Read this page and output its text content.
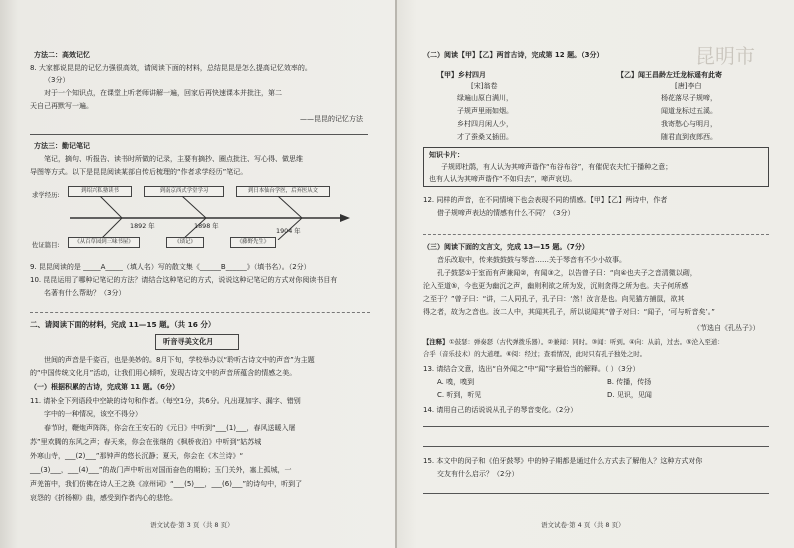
方法二：高效记忆
8. 大家都说昆昆的记忆力强很高效，请阅读下面的材料，总结昆昆是怎么提高记忆效率的。
（3分）
对于一个知识点，在课堂上听老师讲解一遍，回家后再快速课本并批注，第二
天自己再默写一遍。
——昆昆的记忆方法
方法三：勤记笔记
笔记，摘句、听报告、读书时所做的记录，主要有摘抄、圈点批注、写心得、做思维
导图等方式。以下是昆昆阅读某部自传后梳理的“作者求学经历”笔记。
求学经历:	到绍兴私塾读书	到南京西式学堂学习	到日本仙台学医，后弃医从文
1892 年	1898 年
1904 年
佐证篇目:	《从百草园到三味书屋》	《琐记》	《藤野先生》
9. 昆昆阅读的是 _____A_____（填人名）写的散文集《______B______》（填书名）。（2分）
10. 昆昆运用了哪种记笔记的方法？请结合这种笔记的方式，说说这种记笔记的方式对你阅读书目有
名著有什么帮助？（3分）
二、请阅读下面的材料，完成 11—15 题。（共 16 分）
听音寻美文化月
世间的声音是千姿百，也是美妙的。8月下旬，学校举办以“聆听古诗文中的声音”为主题
的“中国传统文化月”活动，让我们用心倾听，发现古诗文中的声音所蕴含的情感之美。
（一）根据积累的古诗，完成第 11 题。（6分）
11. 请补全下列语段中空缺的诗句和作者。（每空1分，共6分。凡出现加字、漏字、错别
字中的一种情况，该空不得分）
春节时，鞭炮声阵阵，你会在王安石的《元日》中听到“___(1)___，春风送暖入屠
苏”里欢腾的东风之声；春天来，你会在张继的《枫桥夜泊》中听到“姑苏城
外寒山寺，___(2)___”那钟声的悠长沉静；夏天，你会在《木兰诗》“
___(3)___，___(4)___”的战门声中听出对国而奋色的期盼；玉门关外，塞上孤城，一
声羌笛中，我们仿佛在诗人王之涣《凉州词》“___(5)___，___(6)___”的诗句中，听到了
哀怨的《折杨柳》曲，感受到作者内心的悲怆。
语文试卷·第 3 页（共 8 页）
昆明市
（二）阅读【甲】【乙】两首古诗，完成第 12 题。（3分）
【甲】乡村四月
[宋]翁卷
绿遍山原白满川，
子规声里雨如烟。
乡村四月闲人少，
才了蚕桑又插田。
【乙】闻王昌龄左迁龙标遥有此寄
[唐]李白
杨花落尽子规啼，
闻道龙标过五溪。
我寄愁心与明月，
随君直到夜郎西。
知识卡片：
子规即杜鹃，有人认为其啼声谐作“布谷布谷”，有催促农夫忙于播种之意；
也有人认为其啼声谐作“不如归去”，啼声哀切。
12. 同样的声音，在不同情境下也会表现不同的情感。【甲】【乙】两诗中，作者
借子规啼声表达的情感有什么不同？（3分）
（三）阅读下面的文言文，完成 13—15 题。（7分）
音乐改取中，传来鼓鼓鼓与琴音……关于琴音有不少小故事。
孔子鼓瑟①于室而有声兼闻②，有闻③之，以告曾子曰：“向④也夫子之音清微以砌，
沦入至道⑤，今也更为幽沉之声，幽则利欲之所为发，沉则贪得之所为也。夫子何所感
之至于？”曾子曰：“讲，二人同孔子，孔子曰：‘然！汝言是也。向见猫方捕鼠，欲其
得之者，故为之音也。汝二人中，其闻其孔子，所以说闻其”曾子对曰：“闻子，‘可与听音矣’。”
（节选自《孔丛子》）
【注释】 ①鼓瑟：弹奏瑟（古代弹拨乐器）。②兼闻：同时。③闻：听到。④向：从前，过去。⑤沦入至道：
合乎（音乐技术）的大道理。⑥阅：经过；查看情况，此时只有孔子独处之时。
13. 请结合文意，选出“自外闻之”中“闻”字最恰当的解释。（ ）（3分）
A. 嗅，嗅到	B. 传播，传扬
C. 听到，听见	D. 见识，见闻
14. 请用自己的话说说从孔子的琴音变化。（2分）
15. 本文中的闵子和《伯牙鼓琴》中的钟子期都是通过什么方式去了解他人？这种方式对你
交友有什么启示？（2分）
语文试卷·第 4 页（共 8 页）
